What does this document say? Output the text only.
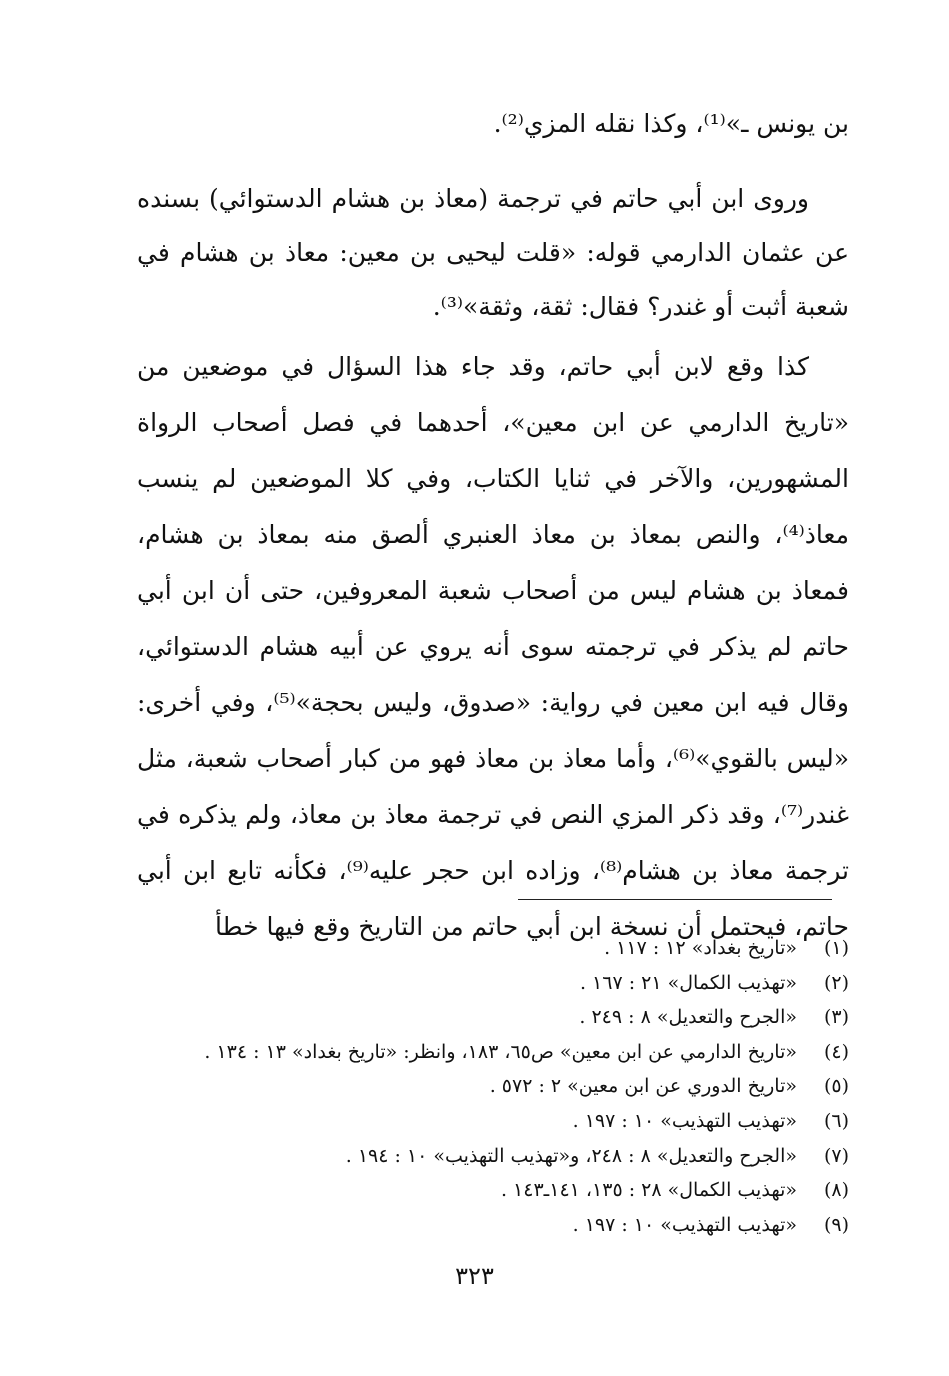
بن يونس ـ»⁽¹⁾، وكذا نقله المزي⁽²⁾.

وروى ابن أبي حاتم في ترجمة (معاذ بن هشام الدستوائي) بسنده عن عثمان الدارمي قوله: «قلت ليحيى بن معين: معاذ بن هشام في شعبة أثبت أو غندر؟ فقال: ثقة، وثقة»⁽³⁾.

كذا وقع لابن أبي حاتم، وقد جاء هذا السؤال في موضعين من «تاريخ الدارمي عن ابن معين»، أحدهما في فصل أصحاب الرواة المشهورين، والآخر في ثنايا الكتاب، وفي كلا الموضعين لم ينسب معاذ⁽⁴⁾، والنص بمعاذ بن معاذ العنبري ألصق منه بمعاذ بن هشام، فمعاذ بن هشام ليس من أصحاب شعبة المعروفين، حتى أن ابن أبي حاتم لم يذكر في ترجمته سوى أنه يروي عن أبيه هشام الدستوائي، وقال فيه ابن معين في رواية: «صدوق، وليس بحجة»⁽⁵⁾، وفي أخرى: «ليس بالقوي»⁽⁶⁾، وأما معاذ بن معاذ فهو من كبار أصحاب شعبة، مثل غندر⁽⁷⁾، وقد ذكر المزي النص في ترجمة معاذ بن معاذ، ولم يذكره في ترجمة معاذ بن هشام⁽⁸⁾، وزاده ابن حجر عليه⁽⁹⁾، فكأنه تابع ابن أبي حاتم، فيحتمل أن نسخة ابن أبي حاتم من التاريخ وقع فيها خطأ

(١)
«تاريخ بغداد» ١٢ : ١١٧ .
(٢)
«تهذيب الكمال» ٢١ : ١٦٧ .
(٣)
«الجرح والتعديل» ٨ : ٢٤٩ .
(٤)
«تاريخ الدارمي عن ابن معين» ص٦٥، ١٨٣، وانظر: «تاريخ بغداد» ١٣ : ١٣٤ .
(٥)
«تاريخ الدوري عن ابن معين» ٢ : ٥٧٢ .
(٦)
«تهذيب التهذيب» ١٠ : ١٩٧ .
(٧)
«الجرح والتعديل» ٨ : ٢٤٨، و«تهذيب التهذيب» ١٠ : ١٩٤ .
(٨)
«تهذيب الكمال» ٢٨ : ١٣٥، ١٤١ـ١٤٣ .
(٩)
«تهذيب التهذيب» ١٠ : ١٩٧ .
٣٢٣
